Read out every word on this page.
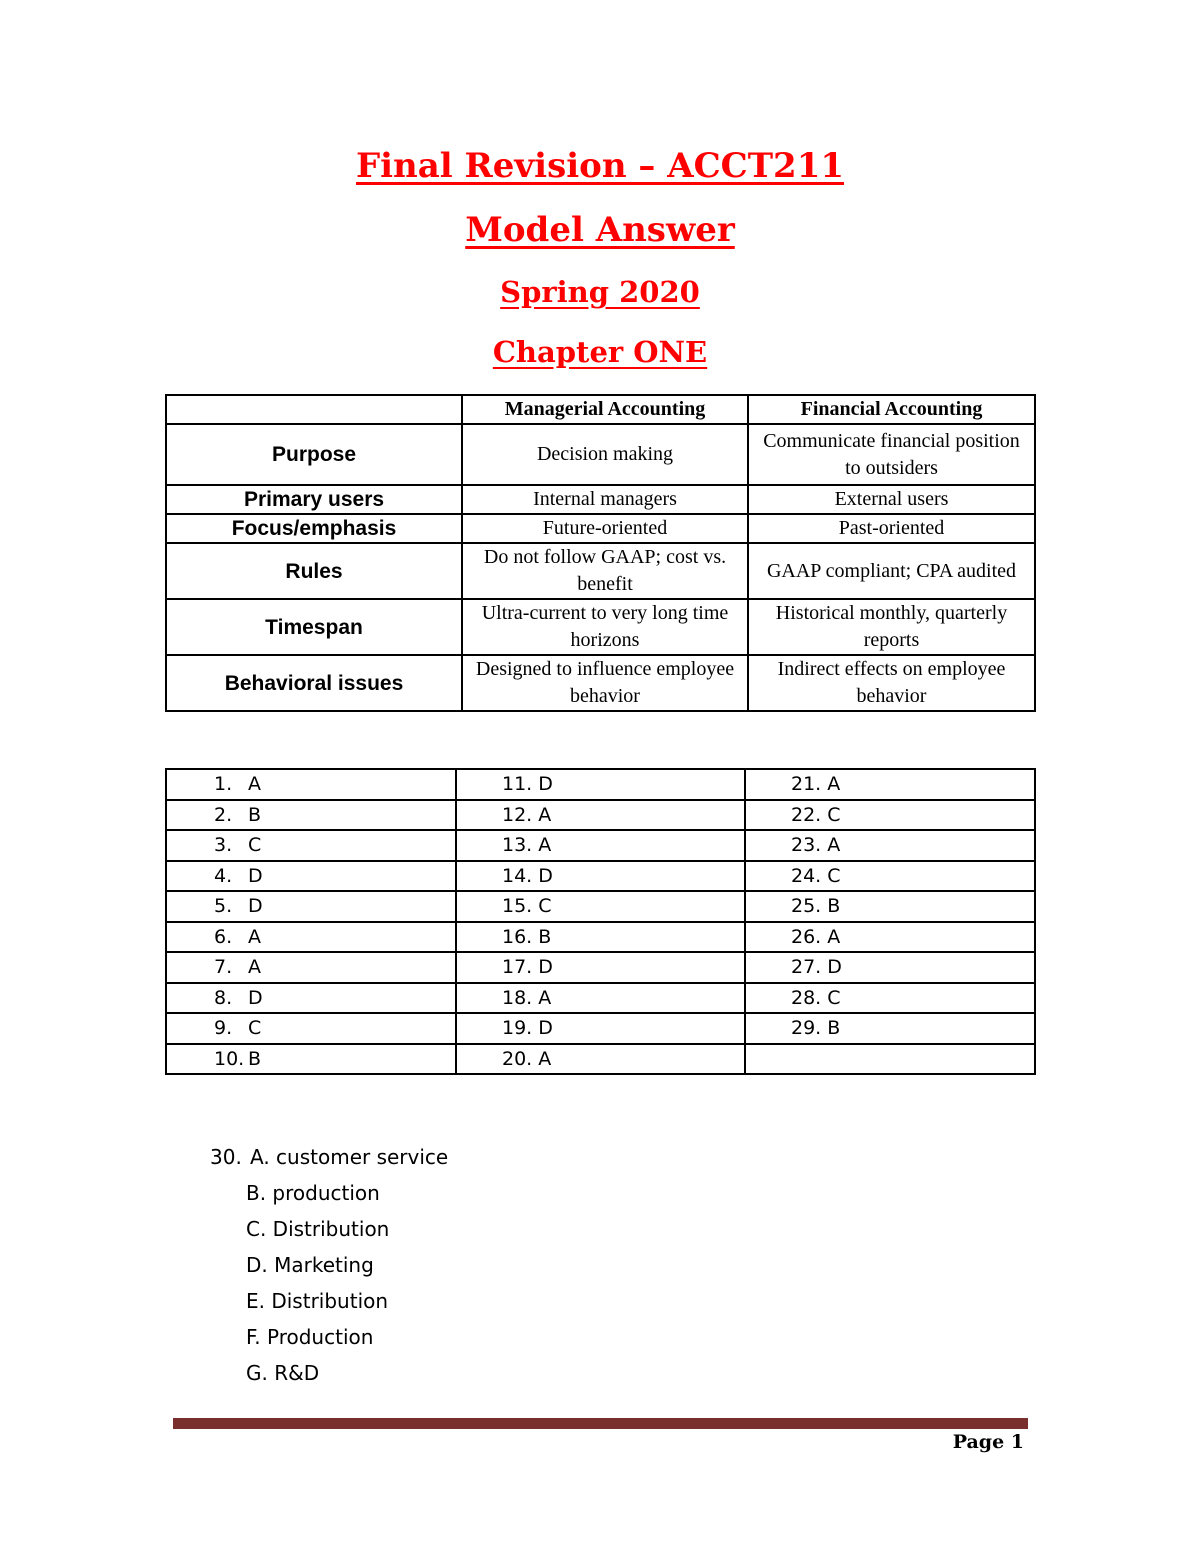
Final Revision – ACCT211
Model Answer
Spring 2020
Chapter ONE
	Managerial Accounting	Financial Accounting
Purpose	Decision making	Communicate financial position to outsiders
Primary users	Internal managers	External users
Focus/emphasis	Future-oriented	Past-oriented
Rules	Do not follow GAAP; cost vs. benefit	GAAP compliant; CPA audited
Timespan	Ultra-current to very long time horizons	Historical monthly, quarterly reports
Behavioral issues	Designed to influence employee behavior	Indirect effects on employee behavior
1. A	11. D	21. A
2. B	12. A	22. C
3. C	13. A	23. A
4. D	14. D	24. C
5. D	15. C	25. B
6. A	16. B	26. A
7. A	17. D	27. D
8. D	18. A	28. C
9. C	19. D	29. B
10. B	20. A	
30. A. customer service
B. production
C. Distribution
D. Marketing
E. Distribution
F. Production
G. R&D
Page 1
